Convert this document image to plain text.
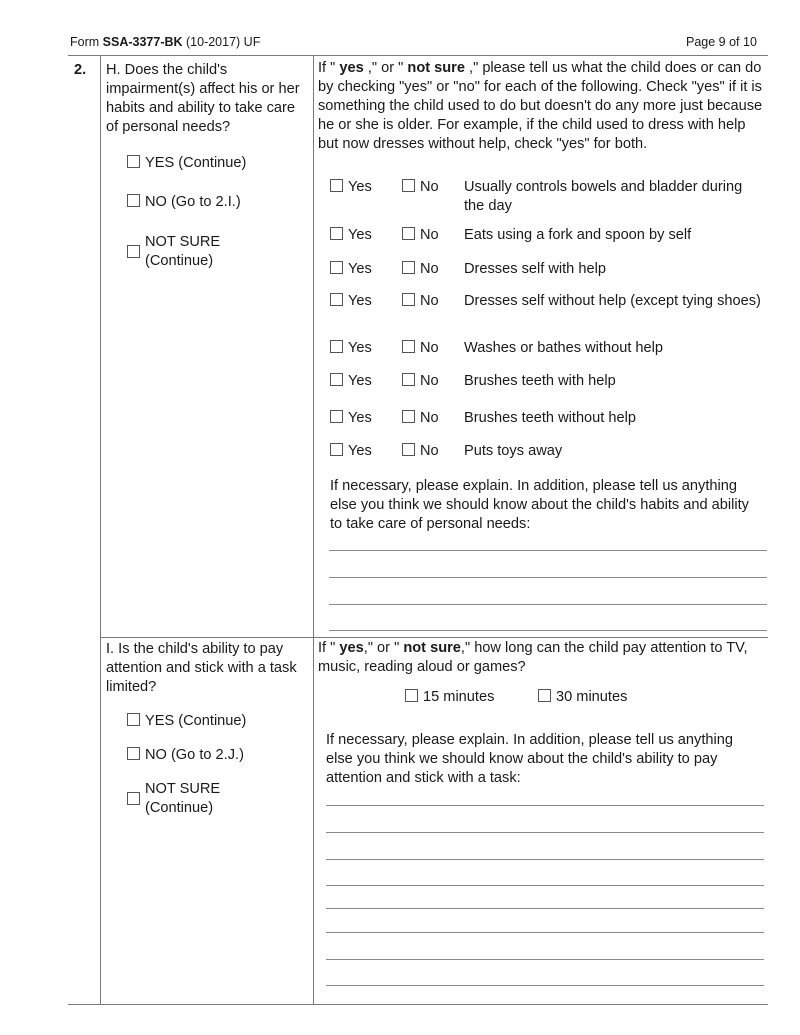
Form SSA-3377-BK (10-2017) UF	Page 9 of 10
2. H. Does the child's impairment(s) affect his or her habits and ability to take care of personal needs?
YES (Continue)
NO (Go to 2.I.)
NOT SURE
(Continue)
If " yes ," or " not sure ," please tell us what the child does or can do by checking "yes" or "no" for each of the following. Check "yes" if it is something the child used to do but doesn't do any more just because he or she is older. For example, if the child used to dress with help but now dresses without help, check "yes" for both.
Yes	No Usually controls bowels and bladder during the day
Yes	No Eats using a fork and spoon by self
Yes	No Dresses self with help
Yes	No Dresses self without help (except tying shoes)
Yes	No Washes or bathes without help
Yes	No Brushes teeth with help
Yes	No Brushes teeth without help
Yes	No Puts toys away
If necessary, please explain. In addition, please tell us anything else you think we should know about the child's habits and ability to take care of personal needs:
I. Is the child's ability to pay attention and stick with a task limited?
YES (Continue)
NO (Go to 2.J.)
NOT SURE
(Continue)
If " yes," or " not sure," how long can the child pay attention to TV, music, reading aloud or games?
15 minutes	30 minutes
If necessary, please explain. In addition, please tell us anything else you think we should know about the child's ability to pay attention and stick with a task:
